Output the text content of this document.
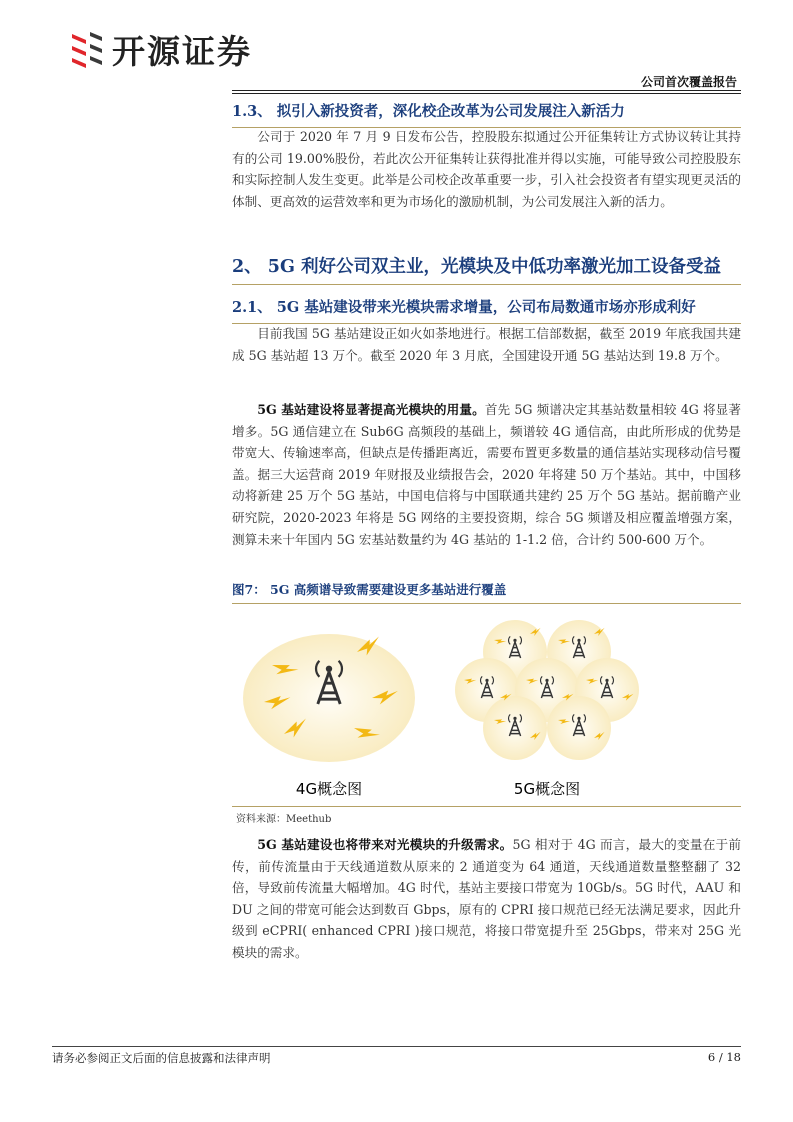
开源证券
公司首次覆盖报告
1.3、 拟引入新投资者，深化校企改革为公司发展注入新活力

公司于 2020 年 7 月 9 日发布公告，控股股东拟通过公开征集转让方式协议转让其持有的公司 19.00%股份，若此次公开征集转让获得批准并得以实施，可能导致公司控股股东和实际控制人发生变更。此举是公司校企改革重要一步，引入社会投资者有望实现更灵活的体制、更高效的运营效率和更为市场化的激励机制，为公司发展注入新的活力。

2、 5G 利好公司双主业，光模块及中低功率激光加工设备受益
2.1、 5G 基站建设带来光模块需求增量，公司布局数通市场亦形成利好

目前我国 5G 基站建设正如火如荼地进行。根据工信部数据，截至 2019 年底我国共建成 5G 基站超 13 万个。截至 2020 年 3 月底，全国建设开通 5G 基站达到 19.8 万个。

5G 基站建设将显著提高光模块的用量。首先 5G 频谱决定其基站数量相较 4G 将显著增多。5G 通信建立在 Sub6G 高频段的基础上，频谱较 4G 通信高，由此所形成的优势是带宽大、传输速率高，但缺点是传播距离近，需要布置更多数量的通信基站实现移动信号覆盖。据三大运营商 2019 年财报及业绩报告会，2020 年将建 50 万个基站。其中，中国移动将新建 25 万个 5G 基站，中国电信将与中国联通共建约 25 万个 5G 基站。据前瞻产业研究院，2020-2023 年将是 5G 网络的主要投资期，综合 5G 频谱及相应覆盖增强方案，测算未来十年国内 5G 宏基站数量约为 4G 基站的 1-1.2 倍，合计约 500-600 万个。

图7： 5G 高频谱导致需要建设更多基站进行覆盖
4G概念图	5G概念图
资料来源：Meethub

5G 基站建设也将带来对光模块的升级需求。5G 相对于 4G 而言，最大的变量在于前传，前传流量由于天线通道数从原来的 2 通道变为 64 通道，天线通道数量整整翻了 32 倍，导致前传流量大幅增加。4G 时代，基站主要接口带宽为 10Gb/s。5G 时代，AAU 和 DU 之间的带宽可能会达到数百 Gbps，原有的 CPRI 接口规范已经无法满足要求，因此升级到 eCPRI( enhanced CPRI )接口规范，将接口带宽提升至 25Gbps，带来对 25G 光模块的需求。

请务必参阅正文后面的信息披露和法律声明	6 / 18
